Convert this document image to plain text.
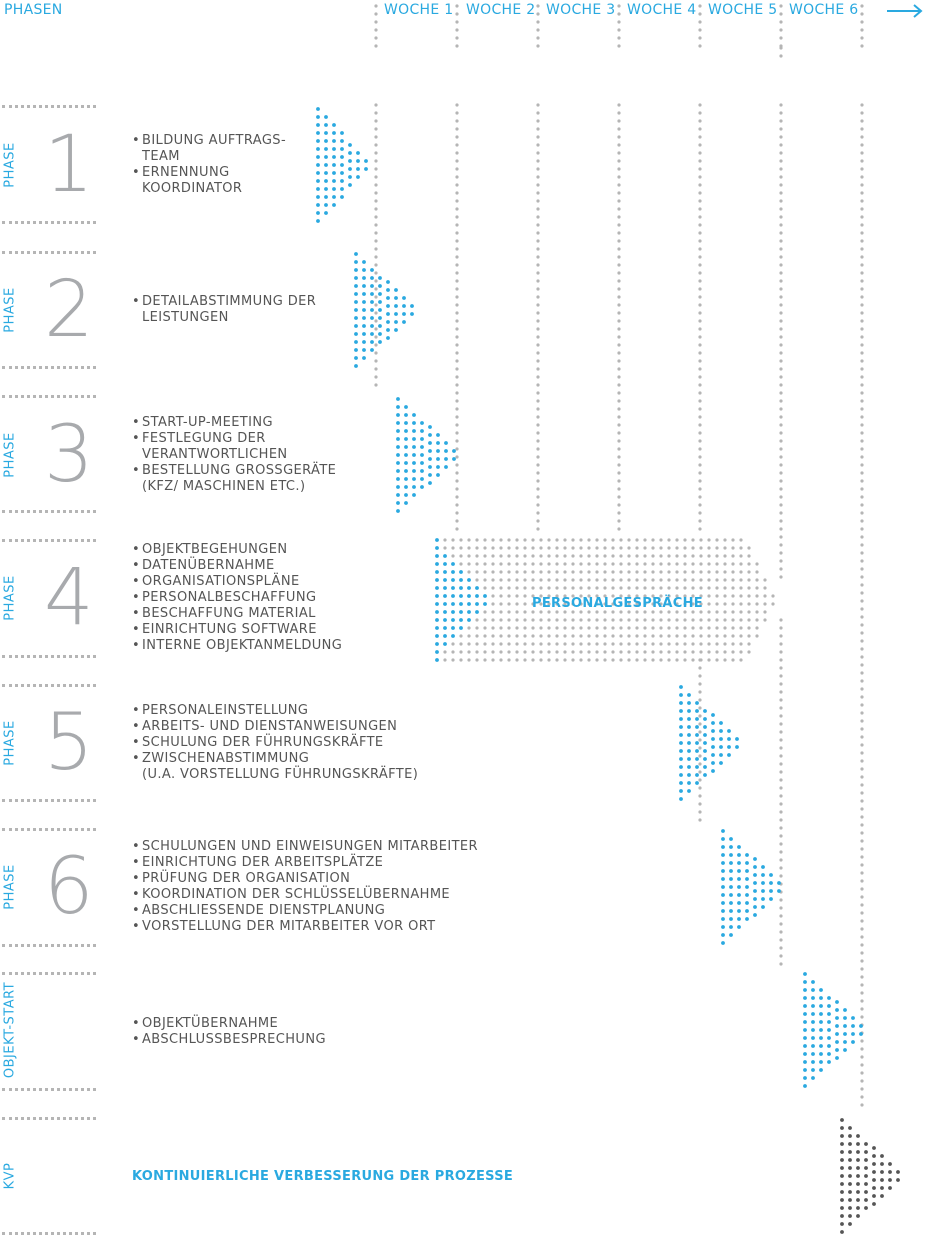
PHASEN	WOCHE 1 WOCHE 2 WOCHE 3 WOCHE 4 WOCHE 5 WOCHE 6
PHASE 1	• BILDUNG AUFTRAGS-
TEAM
• ERNENNUNG
KOORDINATOR
PHASE 2	• DETAILABSTIMMUNG DER
LEISTUNGEN
PHASE 3	• START-UP-MEETING
• FESTLEGUNG DER
VERANTWORTLICHEN
• BESTELLUNG GROSSGERÄTE
(KFZ/ MASCHINEN ETC.)
PHASE 4
• OBJEKTBEGEHUNGEN
• DATENÜBERNAHME
• ORGANISATIONSPLÄNE
• PERSONALBESCHAFFUNG
• BESCHAFFUNG MATERIAL
• EINRICHTUNG SOFTWARE
• INTERNE OBJEKTANMELDUNG
PERSONALGESPRÄCHE
PHASE 5	• PERSONALEINSTELLUNG
• ARBEITS- UND DIENSTANWEISUNGEN
• SCHULUNG DER FÜHRUNGSKRÄFTE
• ZWISCHENABSTIMMUNG
(U.A. VORSTELLUNG FÜHRUNGSKRÄFTE)
PHASE 6	• SCHULUNGEN UND EINWEISUNGEN MITARBEITER
• EINRICHTUNG DER ARBEITSPLÄTZE
• PRÜFUNG DER ORGANISATION
• KOORDINATION DER SCHLÜSSELÜBERNAHME
• ABSCHLIESSENDE DIENSTPLANUNG
• VORSTELLUNG DER MITARBEITER VOR ORT
OBJEKT-START	• OBJEKTÜBERNAHME
• ABSCHLUSSBESPRECHUNG
KVP	KONTINUIERLICHE VERBESSERUNG DER PROZESSE
